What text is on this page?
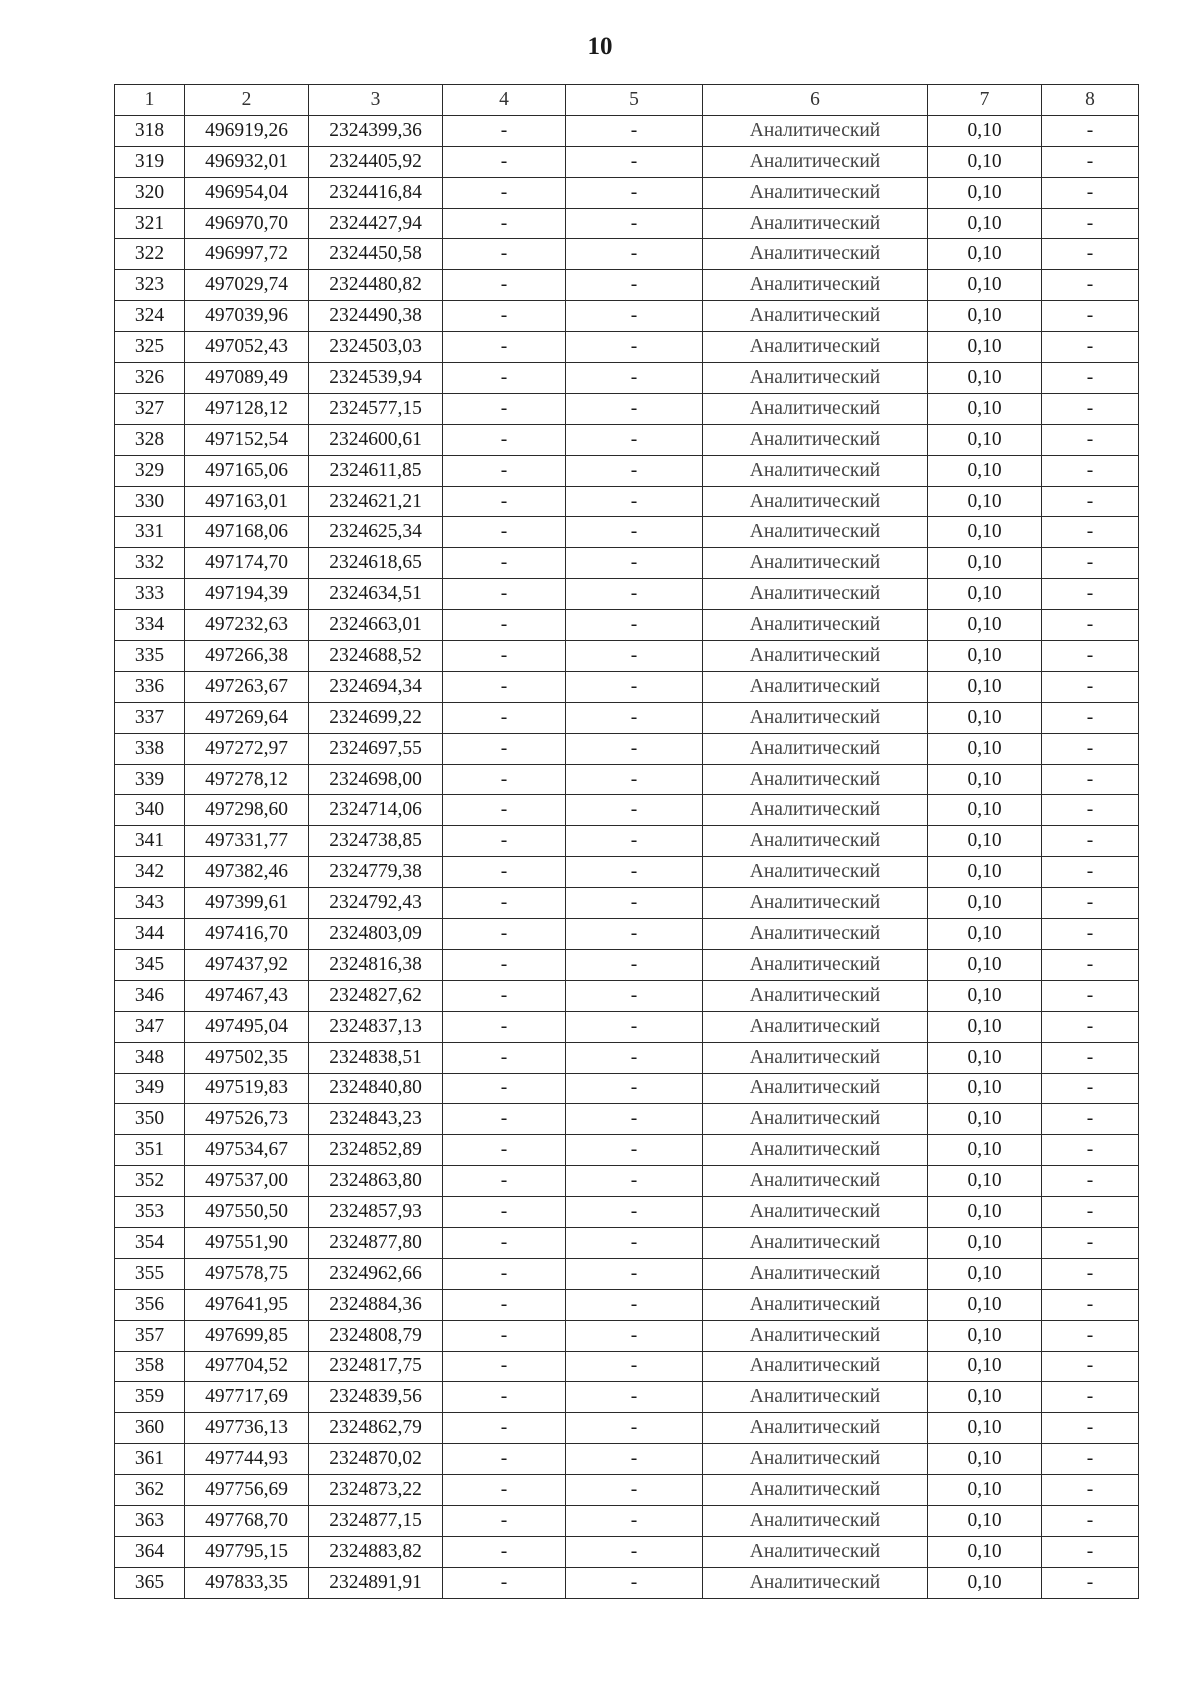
10
1	2	3	4	5	6	7	8
318	496919,26	2324399,36	-	-	Аналитический	0,10	-
319	496932,01	2324405,92	-	-	Аналитический	0,10	-
320	496954,04	2324416,84	-	-	Аналитический	0,10	-
321	496970,70	2324427,94	-	-	Аналитический	0,10	-
322	496997,72	2324450,58	-	-	Аналитический	0,10	-
323	497029,74	2324480,82	-	-	Аналитический	0,10	-
324	497039,96	2324490,38	-	-	Аналитический	0,10	-
325	497052,43	2324503,03	-	-	Аналитический	0,10	-
326	497089,49	2324539,94	-	-	Аналитический	0,10	-
327	497128,12	2324577,15	-	-	Аналитический	0,10	-
328	497152,54	2324600,61	-	-	Аналитический	0,10	-
329	497165,06	2324611,85	-	-	Аналитический	0,10	-
330	497163,01	2324621,21	-	-	Аналитический	0,10	-
331	497168,06	2324625,34	-	-	Аналитический	0,10	-
332	497174,70	2324618,65	-	-	Аналитический	0,10	-
333	497194,39	2324634,51	-	-	Аналитический	0,10	-
334	497232,63	2324663,01	-	-	Аналитический	0,10	-
335	497266,38	2324688,52	-	-	Аналитический	0,10	-
336	497263,67	2324694,34	-	-	Аналитический	0,10	-
337	497269,64	2324699,22	-	-	Аналитический	0,10	-
338	497272,97	2324697,55	-	-	Аналитический	0,10	-
339	497278,12	2324698,00	-	-	Аналитический	0,10	-
340	497298,60	2324714,06	-	-	Аналитический	0,10	-
341	497331,77	2324738,85	-	-	Аналитический	0,10	-
342	497382,46	2324779,38	-	-	Аналитический	0,10	-
343	497399,61	2324792,43	-	-	Аналитический	0,10	-
344	497416,70	2324803,09	-	-	Аналитический	0,10	-
345	497437,92	2324816,38	-	-	Аналитический	0,10	-
346	497467,43	2324827,62	-	-	Аналитический	0,10	-
347	497495,04	2324837,13	-	-	Аналитический	0,10	-
348	497502,35	2324838,51	-	-	Аналитический	0,10	-
349	497519,83	2324840,80	-	-	Аналитический	0,10	-
350	497526,73	2324843,23	-	-	Аналитический	0,10	-
351	497534,67	2324852,89	-	-	Аналитический	0,10	-
352	497537,00	2324863,80	-	-	Аналитический	0,10	-
353	497550,50	2324857,93	-	-	Аналитический	0,10	-
354	497551,90	2324877,80	-	-	Аналитический	0,10	-
355	497578,75	2324962,66	-	-	Аналитический	0,10	-
356	497641,95	2324884,36	-	-	Аналитический	0,10	-
357	497699,85	2324808,79	-	-	Аналитический	0,10	-
358	497704,52	2324817,75	-	-	Аналитический	0,10	-
359	497717,69	2324839,56	-	-	Аналитический	0,10	-
360	497736,13	2324862,79	-	-	Аналитический	0,10	-
361	497744,93	2324870,02	-	-	Аналитический	0,10	-
362	497756,69	2324873,22	-	-	Аналитический	0,10	-
363	497768,70	2324877,15	-	-	Аналитический	0,10	-
364	497795,15	2324883,82	-	-	Аналитический	0,10	-
365	497833,35	2324891,91	-	-	Аналитический	0,10	-
